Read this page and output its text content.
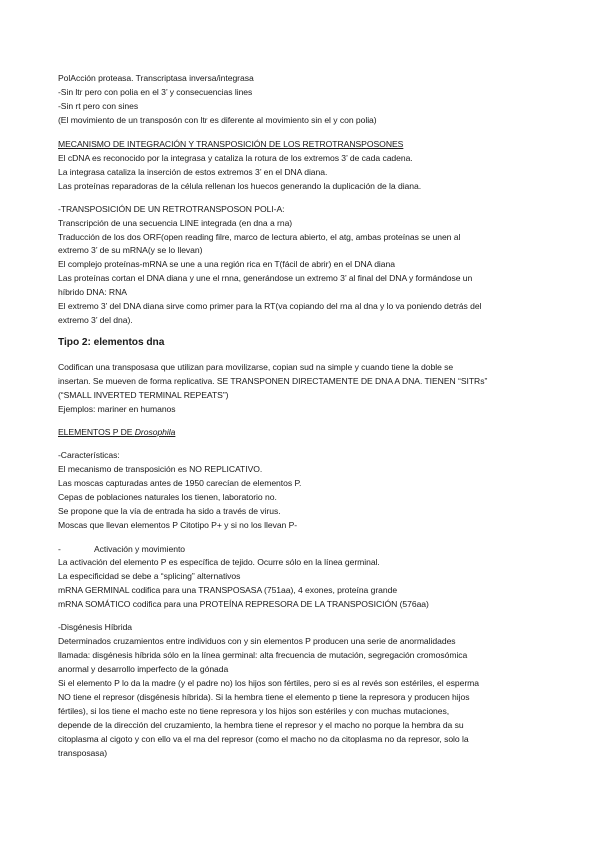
PolAcción proteasa. Transcriptasa inversa/integrasa
-Sin ltr pero con polia en el 3’ y consecuencias lines
-Sin rt pero con sines
(El movimiento de un transposón con ltr es diferente al movimiento sin el y con polia)
MECANISMO DE INTEGRACIÓN Y TRANSPOSICIÓN DE LOS RETROTRANSPOSONES
El cDNA es reconocido por la integrasa y cataliza la rotura de los extremos 3’ de cada cadena.
La integrasa cataliza la inserción de estos extremos 3’ en el DNA diana.
Las proteínas reparadoras de la célula rellenan los huecos generando la duplicación de la diana.
-TRANSPOSICIÓN DE UN RETROTRANSPOSON POLI-A:
Transcripción de una secuencia LINE integrada (en dna a rna)
Traducción de los dos ORF(open reading filre, marco de lectura abierto, el atg, ambas proteínas se unen al
extremo 3’ de su mRNA(y se lo llevan)
El complejo proteínas-mRNA se une a una región rica en T(fácil de abrir) en el DNA diana
Las proteínas cortan el DNA diana y une el rnna, generándose un extremo 3’ al final del DNA y formándose un
híbrido DNA: RNA
El extremo 3’ del DNA diana sirve como primer para la RT(va copiando del rna al dna y lo va poniendo detrás del
extremo 3’ del dna).
Tipo 2: elementos dna
Codifican una transposasa que utilizan para movilizarse, copian sud na simple y cuando tiene la doble se
insertan. Se mueven de forma replicativa. SE TRANSPONEN DIRECTAMENTE DE DNA A DNA. TIENEN “SITRs”
(“SMALL INVERTED TERMINAL REPEATS”)
Ejemplos: mariner en humanos
ELEMENTOS P DE Drosophila
-Características:
El mecanismo de transposición es NO REPLICATIVO.
Las moscas capturadas antes de 1950 carecían de elementos P.
Cepas de poblaciones naturales los tienen, laboratorio no.
Se propone que la vía de entrada ha sido a través de virus.
Moscas que llevan elementos P Citotipo P+ y si no los llevan P-
-	Activación y movimiento
La activación del elemento P es específica de tejido. Ocurre sólo en la línea germinal.
La especificidad se debe a “splicing” alternativos
mRNA GERMINAL codifica para una TRANSPOSASA (751aa), 4 exones, proteína grande
mRNA SOMÁTICO codifica para una PROTEÍNA REPRESORA DE LA TRANSPOSICIÓN (576aa)
-Disgénesis Híbrida
Determinados cruzamientos entre individuos con y sin elementos P producen una serie de anormalidades
llamada: disgénesis híbrida sólo en la línea germinal: alta frecuencia de mutación, segregación cromosómica
anormal y desarrollo imperfecto de la gónada
Si el elemento P lo da la madre (y el padre no) los hijos son fértiles, pero si es al revés son estériles, el esperma
NO tiene el represor (disgénesis híbrida). Si la hembra tiene el elemento p tiene la represora y producen hijos
fértiles), si los tiene el macho este no tiene represora y los hijos son estériles y con muchas mutaciones,
depende de la dirección del cruzamiento, la hembra tiene el represor y el macho no porque la hembra da su
citoplasma al cigoto y con ello va el rna del represor (como el macho no da citoplasma no da represor, solo la
transposasa)
